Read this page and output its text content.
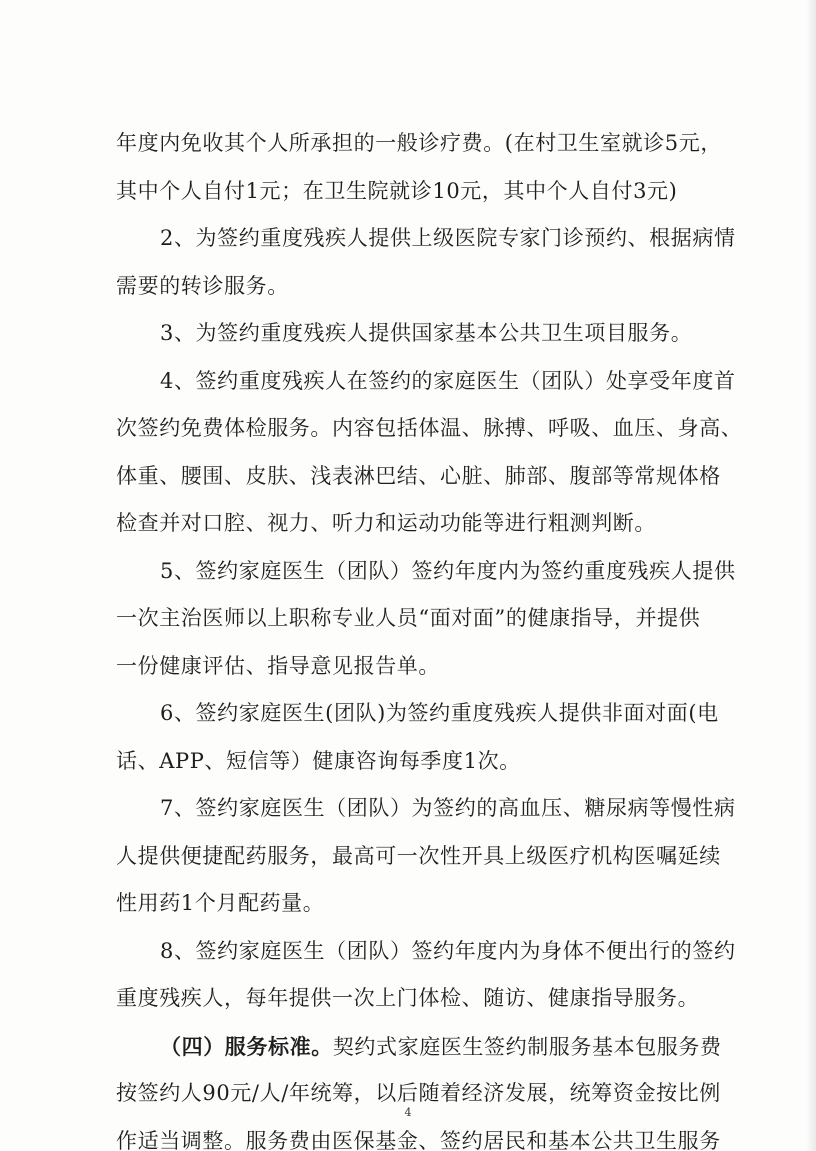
年度内免收其个人所承担的一般诊疗费。(在村卫生室就诊5元，
其中个人自付1元；在卫生院就诊10元，其中个人自付3元)
2、为签约重度残疾人提供上级医院专家门诊预约、根据病情
需要的转诊服务。
3、为签约重度残疾人提供国家基本公共卫生项目服务。
4、签约重度残疾人在签约的家庭医生（团队）处享受年度首
次签约免费体检服务。内容包括体温、脉搏、呼吸、血压、身高、
体重、腰围、皮肤、浅表淋巴结、心脏、肺部、腹部等常规体格
检查并对口腔、视力、听力和运动功能等进行粗测判断。
5、签约家庭医生（团队）签约年度内为签约重度残疾人提供
一次主治医师以上职称专业人员“面对面”的健康指导，并提供
一份健康评估、指导意见报告单。
6、签约家庭医生(团队)为签约重度残疾人提供非面对面(电
话、APP、短信等）健康咨询每季度1次。
7、签约家庭医生（团队）为签约的高血压、糖尿病等慢性病
人提供便捷配药服务，最高可一次性开具上级医疗机构医嘱延续
性用药1个月配药量。
8、签约家庭医生（团队）签约年度内为身体不便出行的签约
重度残疾人，每年提供一次上门体检、随访、健康指导服务。
（四）服务标准。契约式家庭医生签约制服务基本包服务费
按签约人90元/人/年统筹，以后随着经济发展，统筹资金按比例
作适当调整。服务费由医保基金、签约居民和基本公共卫生服务
4
